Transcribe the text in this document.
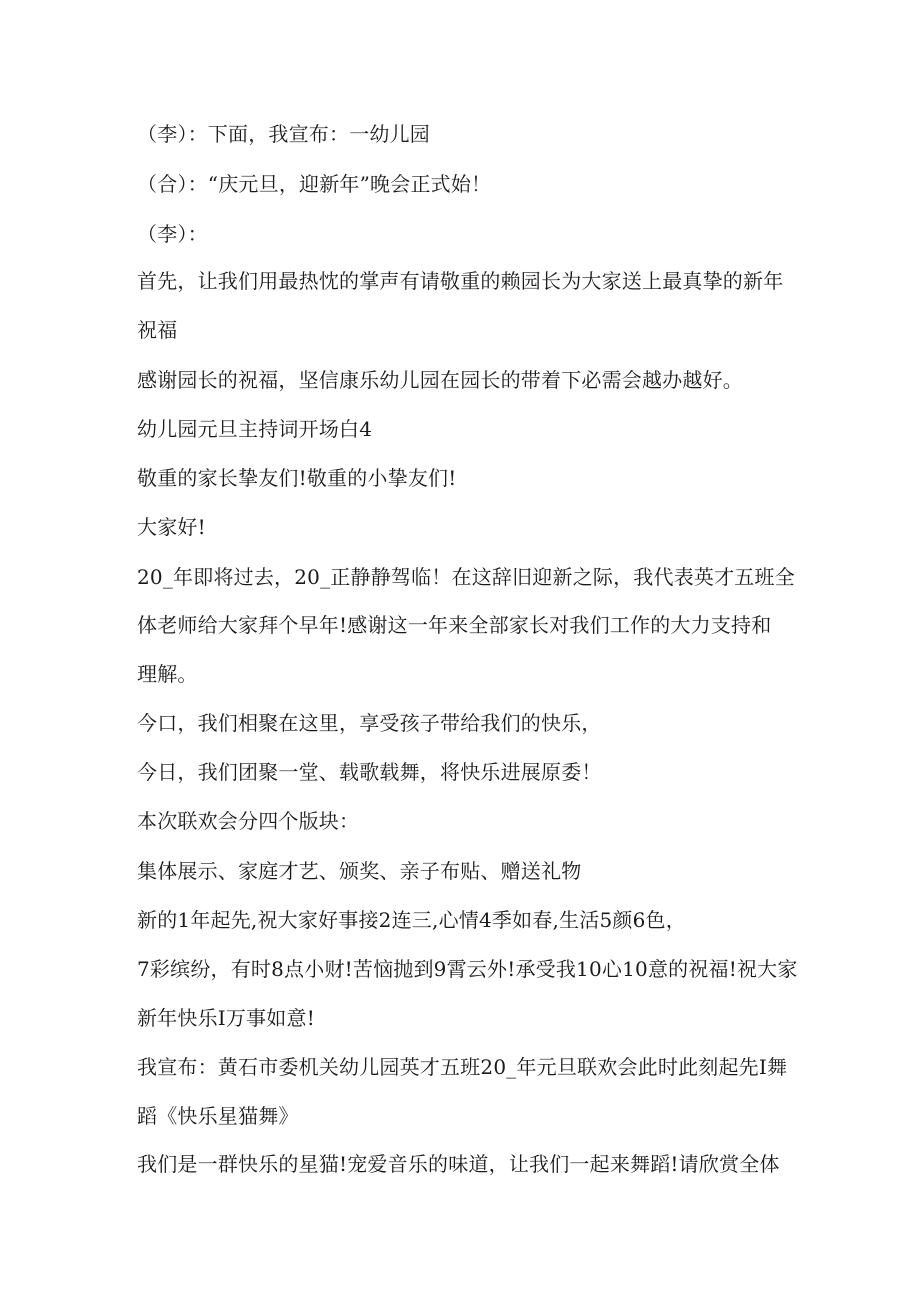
（李）：下面，我宣布：一幼儿园

（合）：“庆元旦，迎新年”晚会正式始！

（李）：

首先，让我们用最热忱的掌声有请敬重的赖园长为大家送上最真挚的新年

祝福

感谢园长的祝福，坚信康乐幼儿园在园长的带着下必需会越办越好。

幼儿园元旦主持词开场白4

敬重的家长挚友们!敬重的小挚友们!

大家好!

20_年即将过去，20_正静静驾临！在这辞旧迎新之际，我代表英才五班全

体老师给大家拜个早年!感谢这一年来全部家长对我们工作的大力支持和

理解。

今口，我们相聚在这里，享受孩子带给我们的快乐，

今日，我们团聚一堂、载歌载舞，将快乐进展原委！

本次联欢会分四个版块：

集体展示、家庭才艺、颁奖、亲子布贴、赠送礼物

新的1年起先,祝大家好事接2连三,心情4季如春,生活5颜6色，

7彩缤纷，有时8点小财!苦恼抛到9霄云外!承受我10心10意的祝福!祝大家

新年快乐I万事如意!

我宣布：黄石市委机关幼儿园英才五班20_年元旦联欢会此时此刻起先I舞

蹈《快乐星猫舞》

我们是一群快乐的星猫!宠爱音乐的味道，让我们一起来舞蹈!请欣赏全体
